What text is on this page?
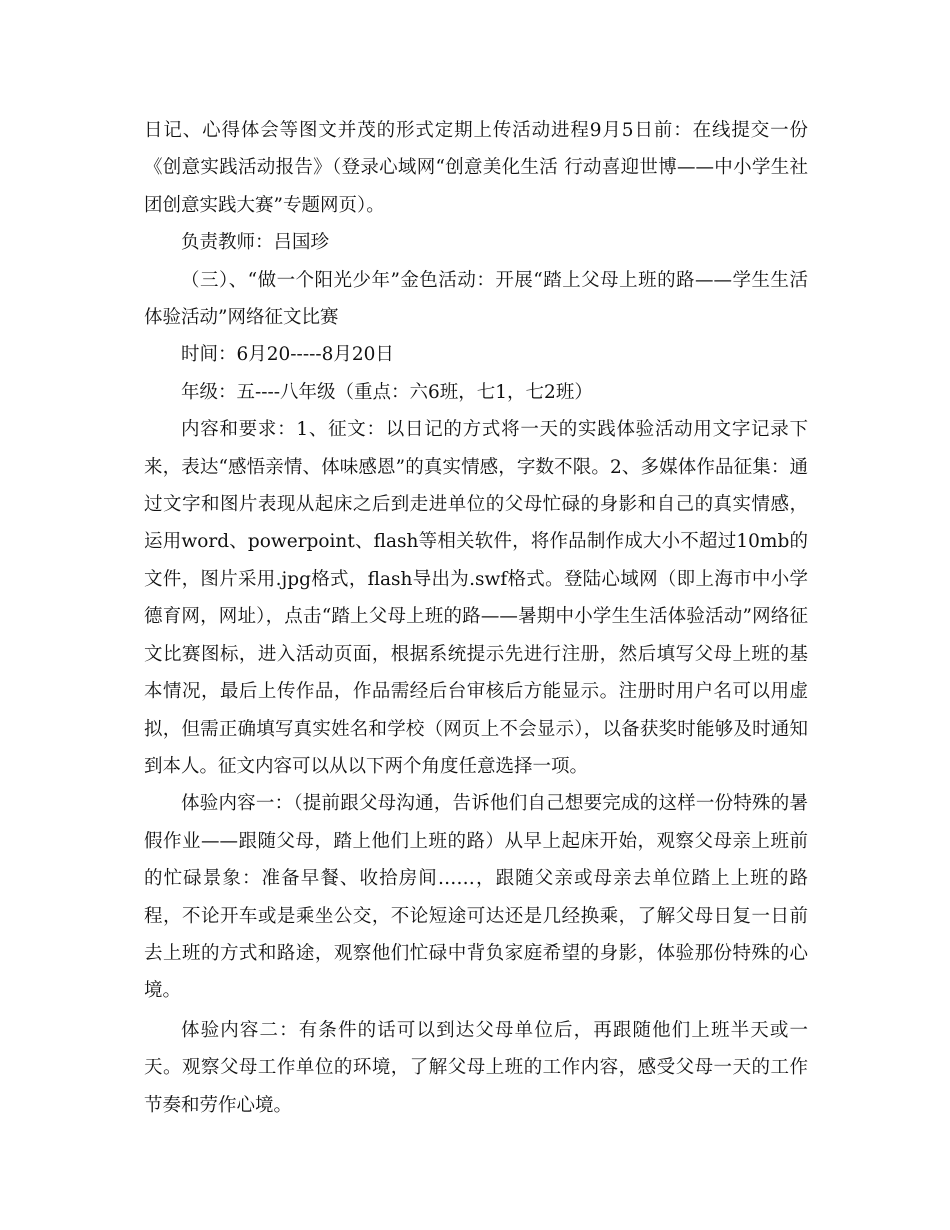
日记、心得体会等图文并茂的形式定期上传活动进程9月5日前：在线提交一份《创意实践活动报告》（登录心域网“创意美化生活 行动喜迎世博——中小学生社团创意实践大赛”专题网页）。

负责教师：吕国珍

（三）、“做一个阳光少年”金色活动：开展“踏上父母上班的路——学生生活体验活动”网络征文比赛

时间：6月20-----8月20日

年级：五----八年级（重点：六6班，七1，七2班）

内容和要求：1、征文：以日记的方式将一天的实践体验活动用文字记录下来，表达“感悟亲情、体味感恩”的真实情感，字数不限。2、多媒体作品征集：通过文字和图片表现从起床之后到走进单位的父母忙碌的身影和自己的真实情感，运用word、powerpoint、flash等相关软件，将作品制作成大小不超过10mb的文件，图片采用.jpg格式，flash导出为.swf格式。登陆心域网（即上海市中小学德育网，网址），点击“踏上父母上班的路——暑期中小学生生活体验活动”网络征文比赛图标，进入活动页面，根据系统提示先进行注册，然后填写父母上班的基本情况，最后上传作品，作品需经后台审核后方能显示。注册时用户名可以用虚拟，但需正确填写真实姓名和学校（网页上不会显示），以备获奖时能够及时通知到本人。征文内容可以从以下两个角度任意选择一项。

体验内容一：（提前跟父母沟通，告诉他们自己想要完成的这样一份特殊的暑假作业——跟随父母，踏上他们上班的路）从早上起床开始，观察父母亲上班前的忙碌景象：准备早餐、收拾房间……，跟随父亲或母亲去单位踏上上班的路程，不论开车或是乘坐公交，不论短途可达还是几经换乘，了解父母日复一日前去上班的方式和路途，观察他们忙碌中背负家庭希望的身影，体验那份特殊的心境。

体验内容二：有条件的话可以到达父母单位后，再跟随他们上班半天或一天。观察父母工作单位的环境，了解父母上班的工作内容，感受父母一天的工作节奏和劳作心境。
